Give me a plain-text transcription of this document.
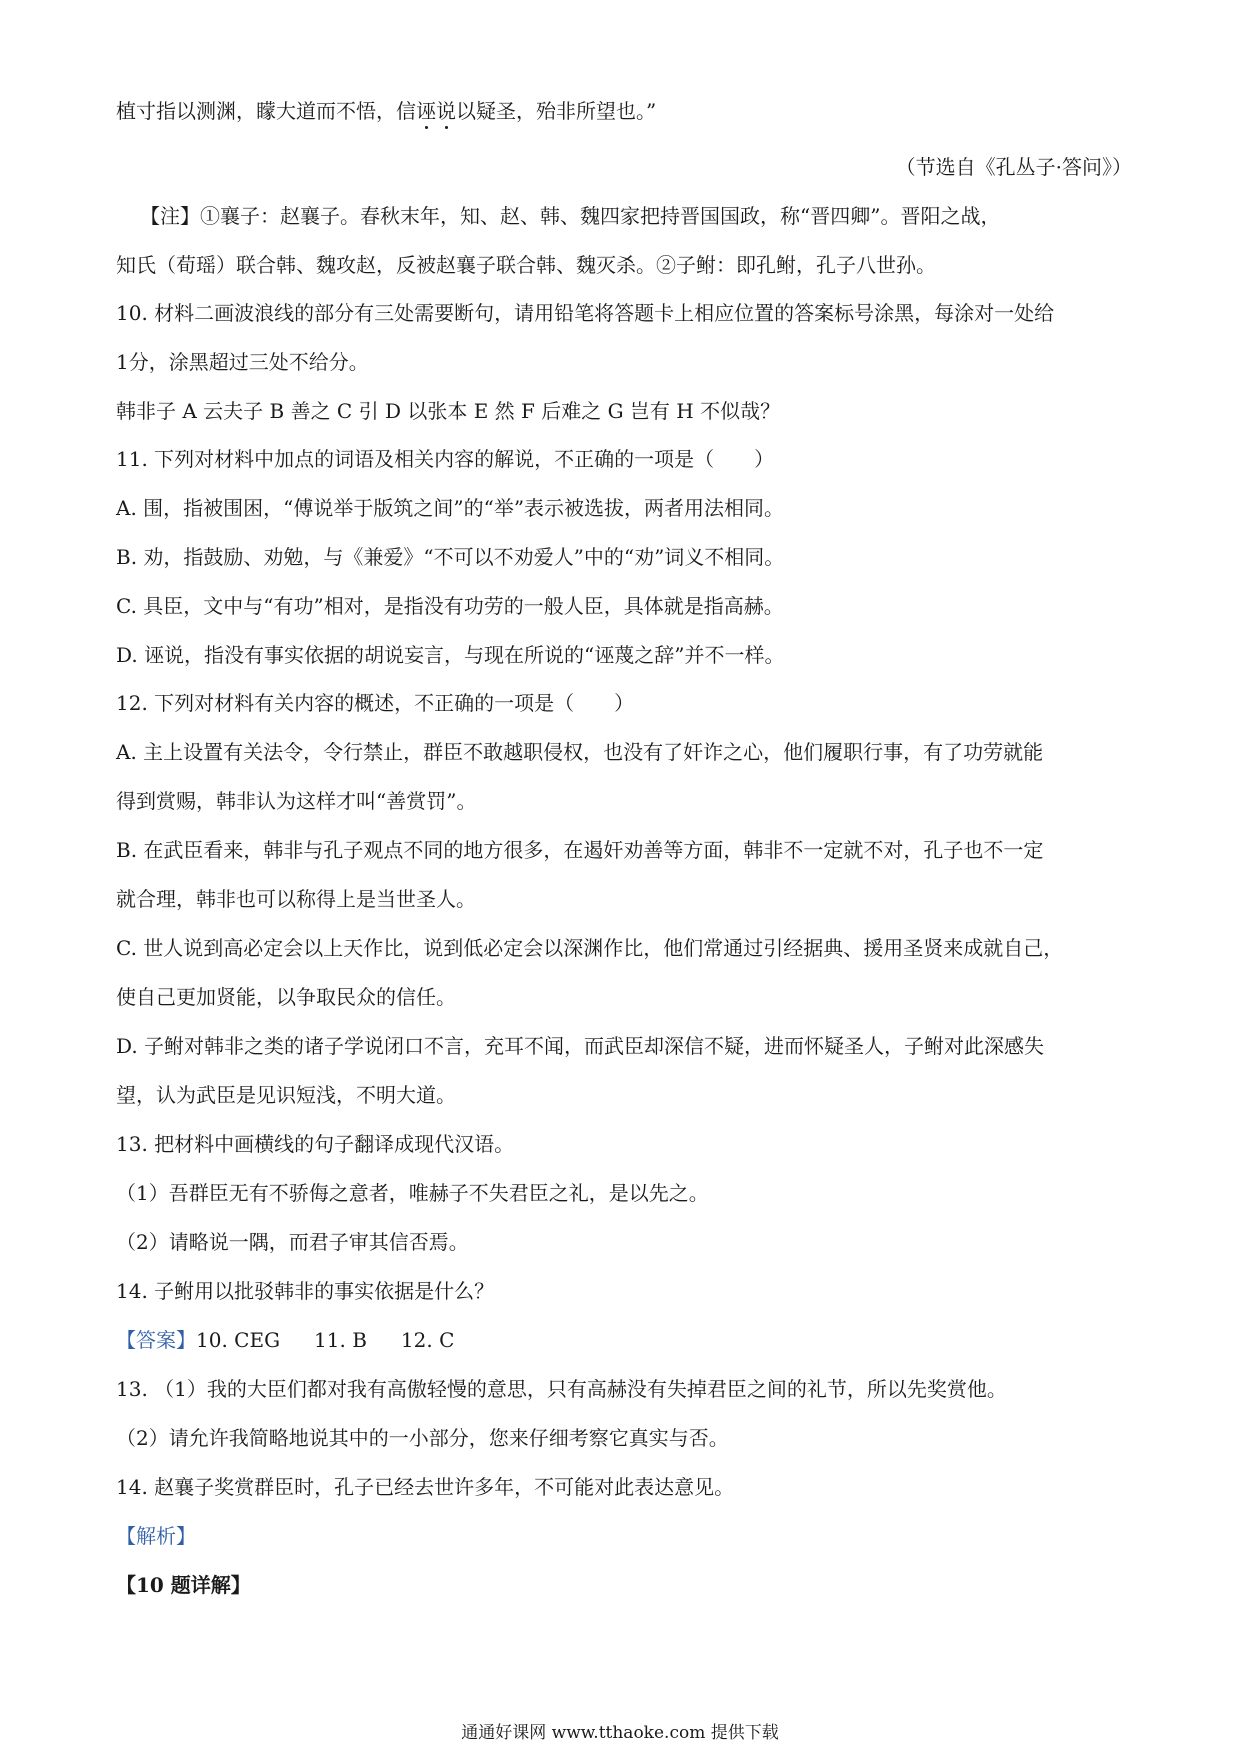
植寸指以测渊，矇大道而不悟，信诬说以疑圣，殆非所望也。”
（节选自《孔丛子·答问》）
【注】①襄子：赵襄子。春秋末年，知、赵、韩、魏四家把持晋国国政，称“晋四卿”。晋阳之战，
知氏（荀瑶）联合韩、魏攻赵，反被赵襄子联合韩、魏灭杀。②子鲋：即孔鲋，孔子八世孙。
10. 材料二画波浪线的部分有三处需要断句，请用铅笔将答题卡上相应位置的答案标号涂黑，每涂对一处给
1分，涂黑超过三处不给分。
韩非子 A 云夫子 B 善之 C 引 D 以张本 E 然 F 后难之 G 岂有 H 不似哉？
11. 下列对材料中加点的词语及相关内容的解说，不正确的一项是（　　）
A. 围，指被围困，“傅说举于版筑之间”的“举”表示被选拔，两者用法相同。
B. 劝，指鼓励、劝勉，与《兼爱》“不可以不劝爱人”中的“劝”词义不相同。
C. 具臣，文中与“有功”相对，是指没有功劳的一般人臣，具体就是指高赫。
D. 诬说，指没有事实依据的胡说妄言，与现在所说的“诬蔑之辞”并不一样。
12. 下列对材料有关内容的概述，不正确的一项是（　　）
A. 主上设置有关法令，令行禁止，群臣不敢越职侵权，也没有了奸诈之心，他们履职行事，有了功劳就能
得到赏赐，韩非认为这样才叫“善赏罚”。
B. 在武臣看来，韩非与孔子观点不同的地方很多，在遏奸劝善等方面，韩非不一定就不对，孔子也不一定
就合理，韩非也可以称得上是当世圣人。
C. 世人说到高必定会以上天作比，说到低必定会以深渊作比，他们常通过引经据典、援用圣贤来成就自己，
使自己更加贤能，以争取民众的信任。
D. 子鲋对韩非之类的诸子学说闭口不言，充耳不闻，而武臣却深信不疑，进而怀疑圣人，子鲋对此深感失
望，认为武臣是见识短浅，不明大道。
13. 把材料中画横线的句子翻译成现代汉语。
（1）吾群臣无有不骄侮之意者，唯赫子不失君臣之礼，是以先之。
（2）请略说一隅，而君子审其信否焉。
14. 子鲋用以批驳韩非的事实依据是什么？
【答案】10. CEG 11. B 12. C
13. （1）我的大臣们都对我有高傲轻慢的意思，只有高赫没有失掉君臣之间的礼节，所以先奖赏他。
（2）请允许我简略地说其中的一小部分，您来仔细考察它真实与否。
14. 赵襄子奖赏群臣时，孔子已经去世许多年，不可能对此表达意见。
【解析】
【10 题详解】
通通好课网 www.tthaoke.com 提供下载
